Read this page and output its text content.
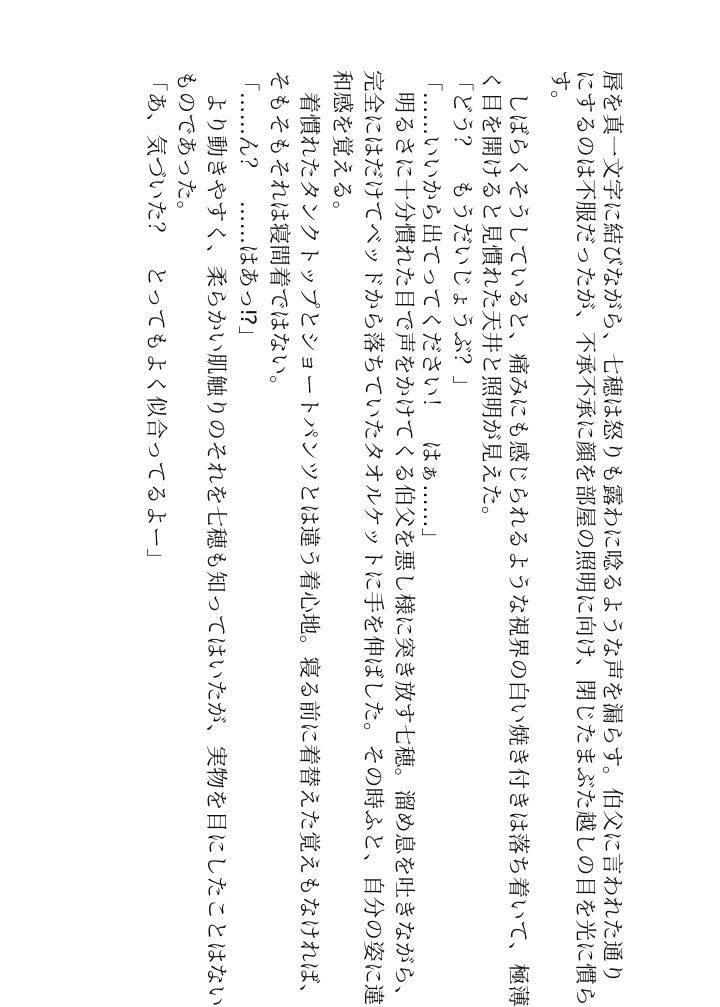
唇を真一文字に結びながら、七穂は怒りも露わに唸るような声を漏らす。伯父に言われた通り
にするのは不服だったが、不承不承に顔を部屋の照明に向け、閉じたまぶた越しの目を光に慣ら
す。
　しばらくそうしていると、痛みにも感じられるような視界の白い焼き付きは落ち着いて、極薄
く目を開けると見慣れた天井と照明が見えた。
「どう？　もうだいじょうぶ？」
「……いいから出てってください！　はぁ……」
　明るさに十分慣れた目で声をかけてくる伯父を悪し様に突き放す七穂。溜め息を吐きながら、
完全にはだけてベッドから落ちていたタオルケットに手を伸ばした。その時ふと、自分の姿に違
和感を覚える。
　着慣れたタンクトップとショートパンツとは違う着心地。寝る前に着替えた覚えもなければ、
そもそもそれは寝間着ではない。
「……ん？　……はあっ⁉」
　より動きやすく、柔らかい肌触りのそれを七穂も知ってはいたが、実物を目にしたことはない
ものであった。
「あ、気づいた？　とってもよく似合ってるよー」
